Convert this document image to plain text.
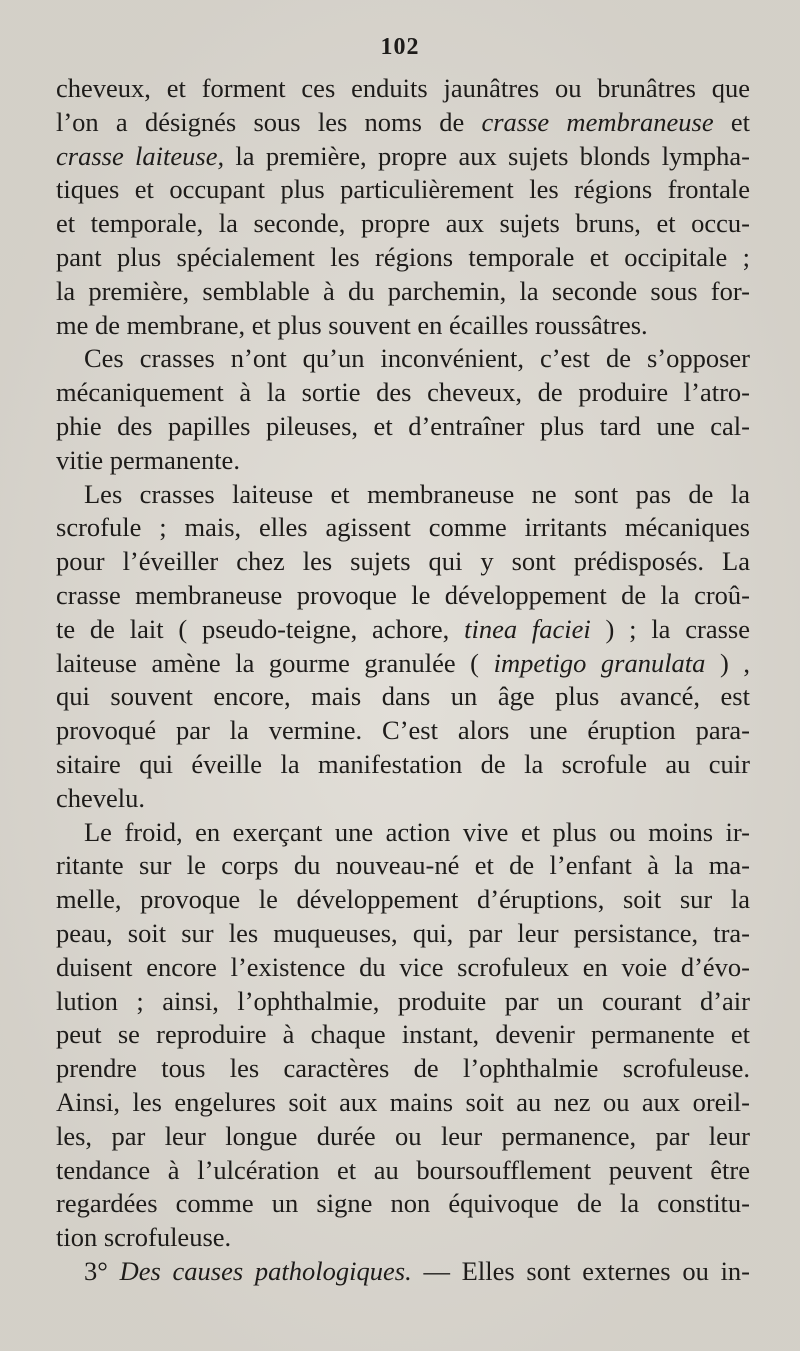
102
cheveux, et forment ces enduits jaunâtres ou brunâtres que
l’on a désignés sous les noms de crasse membraneuse et
crasse laiteuse, la première, propre aux sujets blonds lympha-
tiques et occupant plus particulièrement les régions frontale
et temporale, la seconde, propre aux sujets bruns, et occu-
pant plus spécialement les régions temporale et occipitale ;
la première, semblable à du parchemin, la seconde sous for-
me de membrane, et plus souvent en écailles roussâtres.
Ces crasses n’ont qu’un inconvénient, c’est de s’opposer
mécaniquement à la sortie des cheveux, de produire l’atro-
phie des papilles pileuses, et d’entraîner plus tard une cal-
vitie permanente.
Les crasses laiteuse et membraneuse ne sont pas de la
scrofule ; mais, elles agissent comme irritants mécaniques
pour l’éveiller chez les sujets qui y sont prédisposés. La
crasse membraneuse provoque le développement de la croû-
te de lait ( pseudo-teigne, achore, tinea faciei ) ; la crasse
laiteuse amène la gourme granulée ( impetigo granulata ) ,
qui souvent encore, mais dans un âge plus avancé, est
provoqué par la vermine. C’est alors une éruption para-
sitaire qui éveille la manifestation de la scrofule au cuir
chevelu.
Le froid, en exerçant une action vive et plus ou moins ir-
ritante sur le corps du nouveau-né et de l’enfant à la ma-
melle, provoque le développement d’éruptions, soit sur la
peau, soit sur les muqueuses, qui, par leur persistance, tra-
duisent encore l’existence du vice scrofuleux en voie d’évo-
lution ; ainsi, l’ophthalmie, produite par un courant d’air
peut se reproduire à chaque instant, devenir permanente et
prendre tous les caractères de l’ophthalmie scrofuleuse.
Ainsi, les engelures soit aux mains soit au nez ou aux oreil-
les, par leur longue durée ou leur permanence, par leur
tendance à l’ulcération et au boursoufflement peuvent être
regardées comme un signe non équivoque de la constitu-
tion scrofuleuse.
3° Des causes pathologiques. — Elles sont externes ou in-
